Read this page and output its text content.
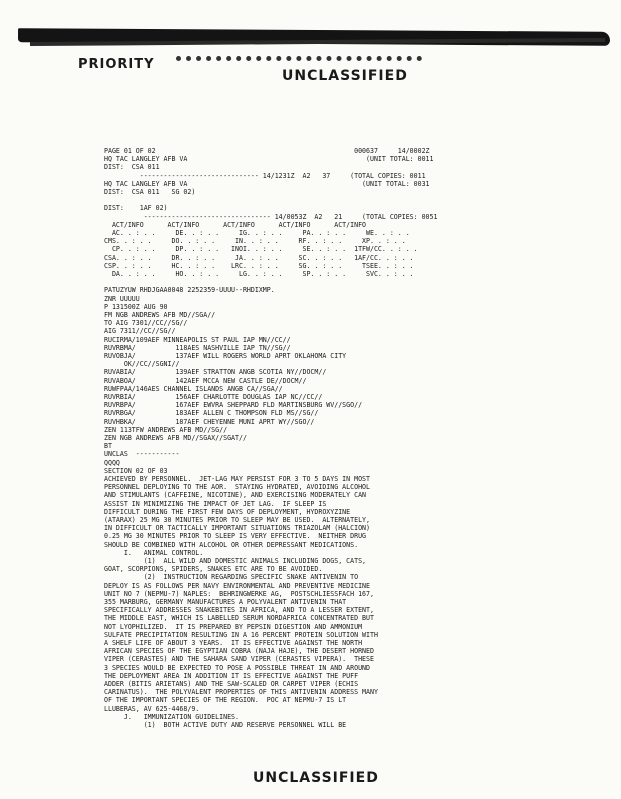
PRIORITY
UNCLASSIFIED
PAGE 01 OF 02                                                  000637     14/0002Z
HQ TAC LANGLEY AFB VA                                             (UNIT TOTAL: 0011
DIST:  CSA 011
------------------------------ 14/1231Z  A2   37     (TOTAL COPIES: 0011
HQ TAC LANGLEY AFB VA                                            (UNIT TOTAL: 0031
DIST:  CSA 011   SG 02)
DIST:    1AF 02)
-------------------------------- 14/0053Z  A2   21     (TOTAL COPIES: 0051
ACT/INFO      ACT/INFO      ACT/INFO      ACT/INFO      ACT/INFO
AC. . : . .     DE. . : . .     IG. . : . .     PA. . : . .     WE. . : . .
CMS. . : . .     DO. . : . .     IN. . : . .     RF. . : . .     XP. . : . .
CP. . : . .     DP. . : . .   INOI. . : . .     SE. . : . .  1TFW/CC. . : . .
CSA. . : . .     DR. . : . .     JA. . : . .     SC. . : . .   1AF/CC. . : . .
CSP. . : . .     HC. . : . .    LRC. . : . .     SG. . : . .     TSEE. . : . .
DA. . : . .     HO. . : . .     LG. . : . .     SP. . : . .     SVC. . : . .
PATUZYUW RHDJGAA0048 2252359-UUUU--RHDIXMP.
ZNR UUUUU
P 131500Z AUG 90
FM NGB ANDREWS AFB MD//SGA//
TO AIG 7301//CC//SG//
AIG 7311//CC//SG//
RUCIRMA/109AEF MINNEAPOLIS ST PAUL IAP MN//CC//
RUVRBMA/          118AES NASHVILLE IAP TN//SG//
RUVOBJA/          137AEF WILL ROGERS WORLD APRT OKLAHOMA CITY
OK//CC//SGNI//
RUVABIA/          139AEF STRATTON ANGB SCOTIA NY//DOCM//
RUVABOA/          142AEF MCCA NEW CASTLE DE//DOCM//
RUWFPAA/146AES CHANNEL ISLANDS ANGB CA//SGA//
RUVRBIA/          156AEF CHARLOTTE DOUGLAS IAP NC//CC//
RUVRBPA/          167AEF EWVRA SHEPPARD FLD MARTINSBURG WV//SGO//
RUVRBGA/          183AEF ALLEN C THOMPSON FLD MS//SG//
RUVHBKA/          187AEF CHEYENNE MUNI APRT WY//SGO//
ZEN 113TFW ANDREWS AFB MD//SG//
ZEN NGB ANDREWS AFB MD//SGAX//SGAT//
BT
UNCLAS  -----------
QQQQ
SECTION 02 OF 03
ACHIEVED BY PERSONNEL.  JET-LAG MAY PERSIST FOR 3 TO 5 DAYS IN MOST
PERSONNEL DEPLOYING TO THE AOR.  STAYING HYDRATED, AVOIDING ALCOHOL
AND STIMULANTS (CAFFEINE, NICOTINE), AND EXERCISING MODERATELY CAN
ASSIST IN MINIMIZING THE IMPACT OF JET LAG.  IF SLEEP IS
DIFFICULT DURING THE FIRST FEW DAYS OF DEPLOYMENT, HYDROXYZINE
(ATARAX) 25 MG 30 MINUTES PRIOR TO SLEEP MAY BE USED.  ALTERNATELY,
IN DIFFICULT OR TACTICALLY IMPORTANT SITUATIONS TRIAZOLAM (HALCION)
0.25 MG 30 MINUTES PRIOR TO SLEEP IS VERY EFFECTIVE.  NEITHER DRUG
SHOULD BE COMBINED WITH ALCOHOL OR OTHER DEPRESSANT MEDICATIONS.
I.   ANIMAL CONTROL.
(1)  ALL WILD AND DOMESTIC ANIMALS INCLUDING DOGS, CATS,
GOAT, SCORPIONS, SPIDERS, SNAKES ETC ARE TO BE AVOIDED.
(2)  INSTRUCTION REGARDING SPECIFIC SNAKE ANTIVENIN TO
DEPLOY IS AS FOLLOWS PER NAVY ENVIRONMENTAL AND PREVENTIVE MEDICINE
UNIT NO 7 (NEPMU-7) NAPLES:  BEHRINGWERKE AG,  POSTSCHLIESSFACH 167,
355 MARBURG, GERMANY MANUFACTURES A POLYVALENT ANTIVENIN THAT
SPECIFICALLY ADDRESSES SNAKEBITES IN AFRICA, AND TO A LESSER EXTENT,
THE MIDDLE EAST, WHICH IS LABELLED SERUM NORDAFRICA CONCENTRATED BUT
NOT LYOPHILIZED.  IT IS PREPARED BY PEPSIN DIGESTION AND AMMONIUM
SULFATE PRECIPITATION RESULTING IN A 16 PERCENT PROTEIN SOLUTION WITH
A SHELF LIFE OF ABOUT 3 YEARS.  IT IS EFFECTIVE AGAINST THE NORTH
AFRICAN SPECIES OF THE EGYPTIAN COBRA (NAJA HAJE), THE DESERT HORNED
VIPER (CERASTES) AND THE SAHARA SAND VIPER (CERASTES VIPERA).  THESE
3 SPECIES WOULD BE EXPECTED TO POSE A POSSIBLE THREAT IN AND AROUND
THE DEPLOYMENT AREA IN ADDITION IT IS EFFECTIVE AGAINST THE PUFF
ADDER (BITIS ARIETANS) AND THE SAW-SCALED OR CARPET VIPER (ECHIS
CARINATUS).  THE POLYVALENT PROPERTIES OF THIS ANTIVENIN ADDRESS MANY
OF THE IMPORTANT SPECIES OF THE REGION.  POC AT NEPMU-7 IS LT
LLUBERAS, AV 625-4468/9.
J.   IMMUNIZATION GUIDELINES.
(1)  BOTH ACTIVE DUTY AND RESERVE PERSONNEL WILL BE
UNCLASSIFIED
